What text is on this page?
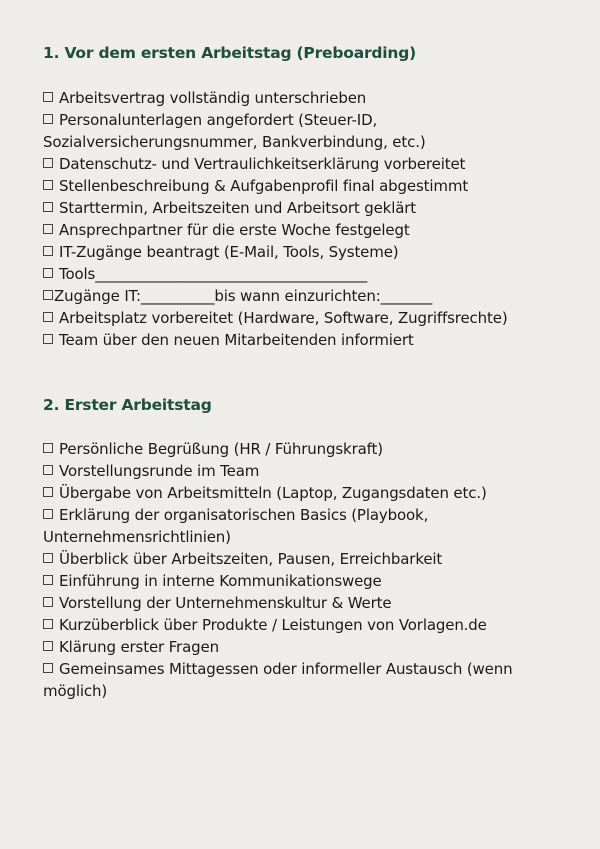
1. Vor dem ersten Arbeitstag (Preboarding)
Arbeitsvertrag vollständig unterschrieben
Personalunterlagen angefordert (Steuer-ID, Sozialversicherungsnummer, Bankverbindung, etc.)
Datenschutz- und Vertraulichkeitserklärung vorbereitet
Stellenbeschreibung & Aufgabenprofil final abgestimmt
Starttermin, Arbeitszeiten und Arbeitsort geklärt
Ansprechpartner für die erste Woche festgelegt
IT-Zugänge beantragt (E-Mail, Tools, Systeme)
Tools_____________________________________
Zugänge IT:__________bis wann einzurichten:_______
Arbeitsplatz vorbereitet (Hardware, Software, Zugriffsrechte)
Team über den neuen Mitarbeitenden informiert
2. Erster Arbeitstag
Persönliche Begrüßung (HR / Führungskraft)
Vorstellungsrunde im Team
Übergabe von Arbeitsmitteln (Laptop, Zugangsdaten etc.)
Erklärung der organisatorischen Basics (Playbook, Unternehmensrichtlinien)
Überblick über Arbeitszeiten, Pausen, Erreichbarkeit
Einführung in interne Kommunikationswege
Vorstellung der Unternehmenskultur & Werte
Kurzüberblick über Produkte / Leistungen von Vorlagen.de
Klärung erster Fragen
Gemeinsames Mittagessen oder informeller Austausch (wenn möglich)
